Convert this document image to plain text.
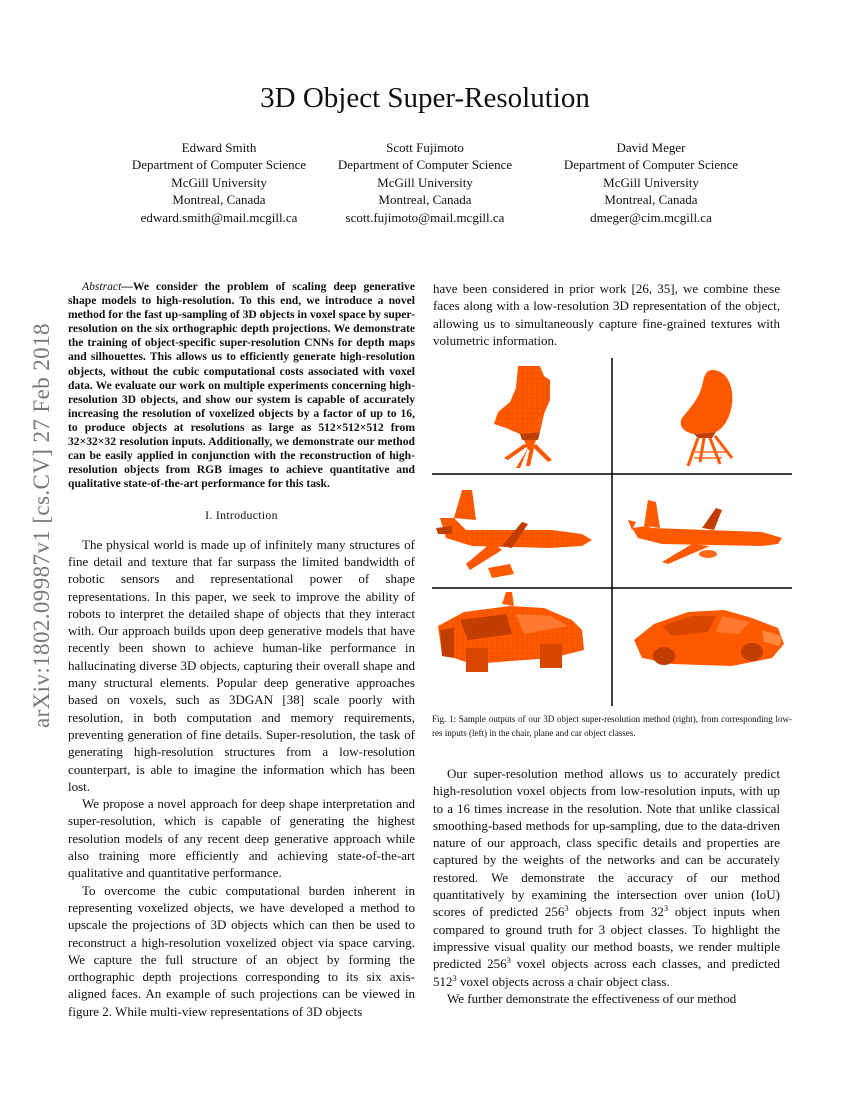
arXiv:1802.09987v1 [cs.CV] 27 Feb 2018
3D Object Super-Resolution
Edward Smith
Department of Computer Science
McGill University
Montreal, Canada
edward.smith@mail.mcgill.ca
Scott Fujimoto
Department of Computer Science
McGill University
Montreal, Canada
scott.fujimoto@mail.mcgill.ca
David Meger
Department of Computer Science
McGill University
Montreal, Canada
dmeger@cim.mcgill.ca

Abstract—We consider the problem of scaling deep generative shape models to high-resolution. To this end, we introduce a novel method for the fast up-sampling of 3D objects in voxel space by super-resolution on the six orthographic depth projections. We demonstrate the training of object-specific super-resolution CNNs for depth maps and silhouettes. This allows us to efficiently generate high-resolution objects, without the cubic computational costs associated with voxel data. We evaluate our work on multiple experiments concerning high-resolution 3D objects, and show our system is capable of accurately increasing the resolution of voxelized objects by a factor of up to 16, to produce objects at resolutions as large as 512×512×512 from 32×32×32 resolution inputs. Additionally, we demonstrate our method can be easily applied in conjunction with the reconstruction of high-resolution objects from RGB images to achieve quantitative and qualitative state-of-the-art performance for this task.

I. Introduction

The physical world is made up of infinitely many structures of fine detail and texture that far surpass the limited bandwidth of robotic sensors and representational power of shape representations. In this paper, we seek to improve the ability of robots to interpret the detailed shape of objects that they interact with. Our approach builds upon deep generative models that have recently been shown to achieve human-like performance in hallucinating diverse 3D objects, capturing their overall shape and many structural elements. Popular deep generative approaches based on voxels, such as 3DGAN [38] scale poorly with resolution, in both computation and memory requirements, preventing generation of fine details. Super-resolution, the task of generating high-resolution structures from a low-resolution counterpart, is able to imagine the information which has been lost.

We propose a novel approach for deep shape interpretation and super-resolution, which is capable of generating the highest resolution models of any recent deep generative approach while also training more efficiently and achieving state-of-the-art qualitative and quantitative performance.

To overcome the cubic computational burden inherent in representing voxelized objects, we have developed a method to upscale the projections of 3D objects which can then be used to reconstruct a high-resolution voxelized object via space carving. We capture the full structure of an object by forming the orthographic depth projections corresponding to its six axis-aligned faces. An example of such projections can be viewed in figure 2. While multi-view representations of 3D objects

have been considered in prior work [26, 35], we combine these faces along with a low-resolution 3D representation of the object, allowing us to simultaneously capture fine-grained textures with volumetric information.

Fig. 1: Sample outputs of our 3D object super-resolution method (right), from corresponding low-res inputs (left) in the chair, plane and car object classes.

Our super-resolution method allows us to accurately predict high-resolution voxel objects from low-resolution inputs, with up to a 16 times increase in the resolution. Note that unlike classical smoothing-based methods for up-sampling, due to the data-driven nature of our approach, class specific details and properties are captured by the weights of the networks and can be accurately restored. We demonstrate the accuracy of our method quantitatively by examining the intersection over union (IoU) scores of predicted $256^3$ objects from $32^3$ object inputs when compared to ground truth for 3 object classes. To highlight the impressive visual quality our method boasts, we render multiple predicted $256^3$ voxel objects across each classes, and predicted $512^3$ voxel objects across a chair object class.

We further demonstrate the effectiveness of our method
